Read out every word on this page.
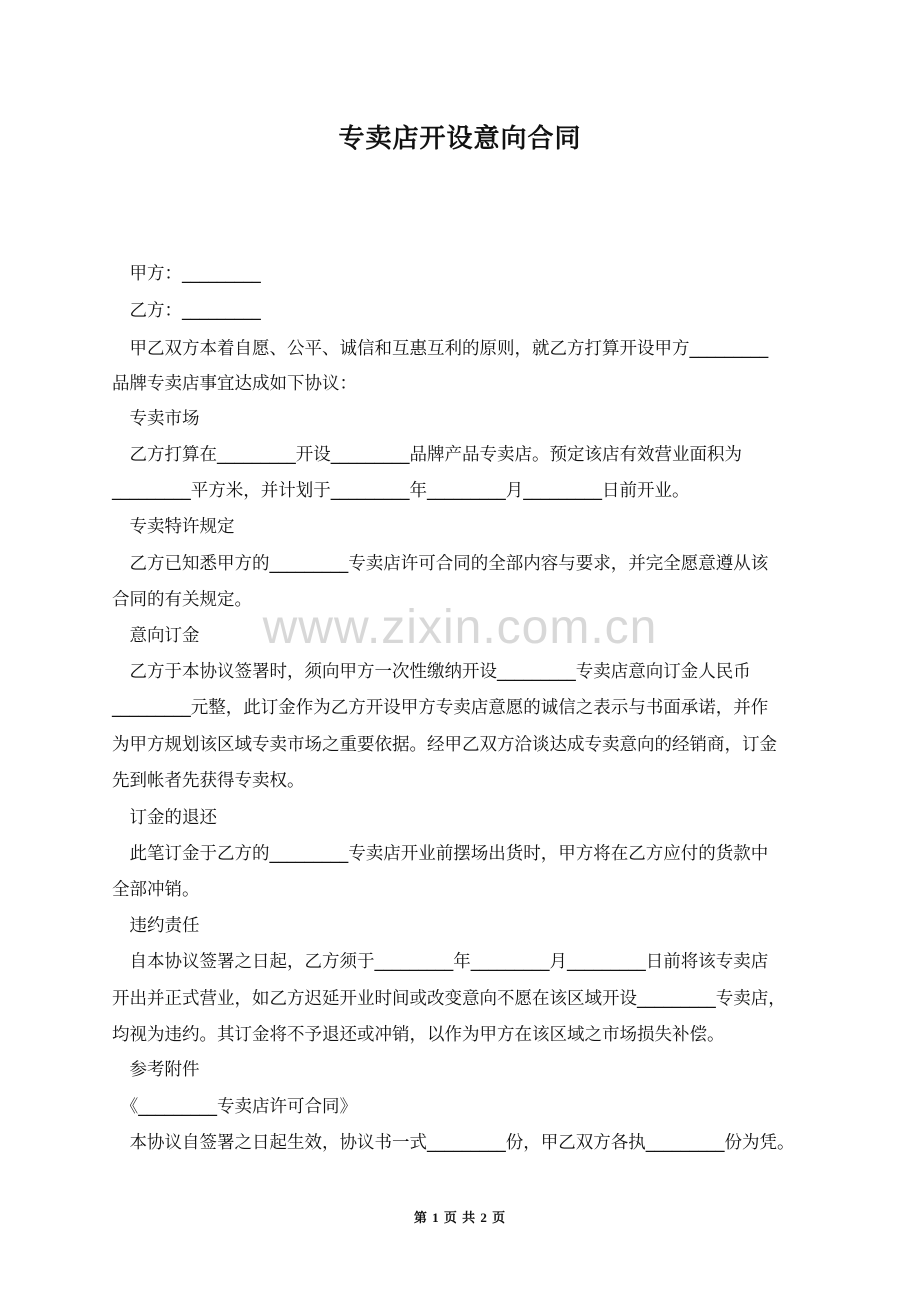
专卖店开设意向合同
　甲方：_________
　乙方：_________
　甲乙双方本着自愿、公平、诚信和互惠互利的原则，就乙方打算开设甲方_________
品牌专卖店事宜达成如下协议：
　专卖市场
　乙方打算在_________开设_________品牌产品专卖店。预定该店有效营业面积为
_________平方米，并计划于_________年_________月_________日前开业。
　专卖特许规定
　乙方已知悉甲方的_________专卖店许可合同的全部内容与要求，并完全愿意遵从该
合同的有关规定。
　意向订金
　乙方于本协议签署时，须向甲方一次性缴纳开设_________专卖店意向订金人民币
_________元整，此订金作为乙方开设甲方专卖店意愿的诚信之表示与书面承诺，并作
为甲方规划该区域专卖市场之重要依据。经甲乙双方洽谈达成专卖意向的经销商，订金
先到帐者先获得专卖权。
　订金的退还
　此笔订金于乙方的_________专卖店开业前摆场出货时，甲方将在乙方应付的货款中
全部冲销。
　违约责任
　自本协议签署之日起，乙方须于_________年_________月_________日前将该专卖店
开出并正式营业，如乙方迟延开业时间或改变意向不愿在该区域开设_________专卖店，
均视为违约。其订金将不予退还或冲销，以作为甲方在该区域之市场损失补偿。
　参考附件
　《_________专卖店许可合同》
　本协议自签署之日起生效，协议书一式_________份，甲乙双方各执_________份为凭。
www.zixin.com.cn
第 1 页 共 2 页
